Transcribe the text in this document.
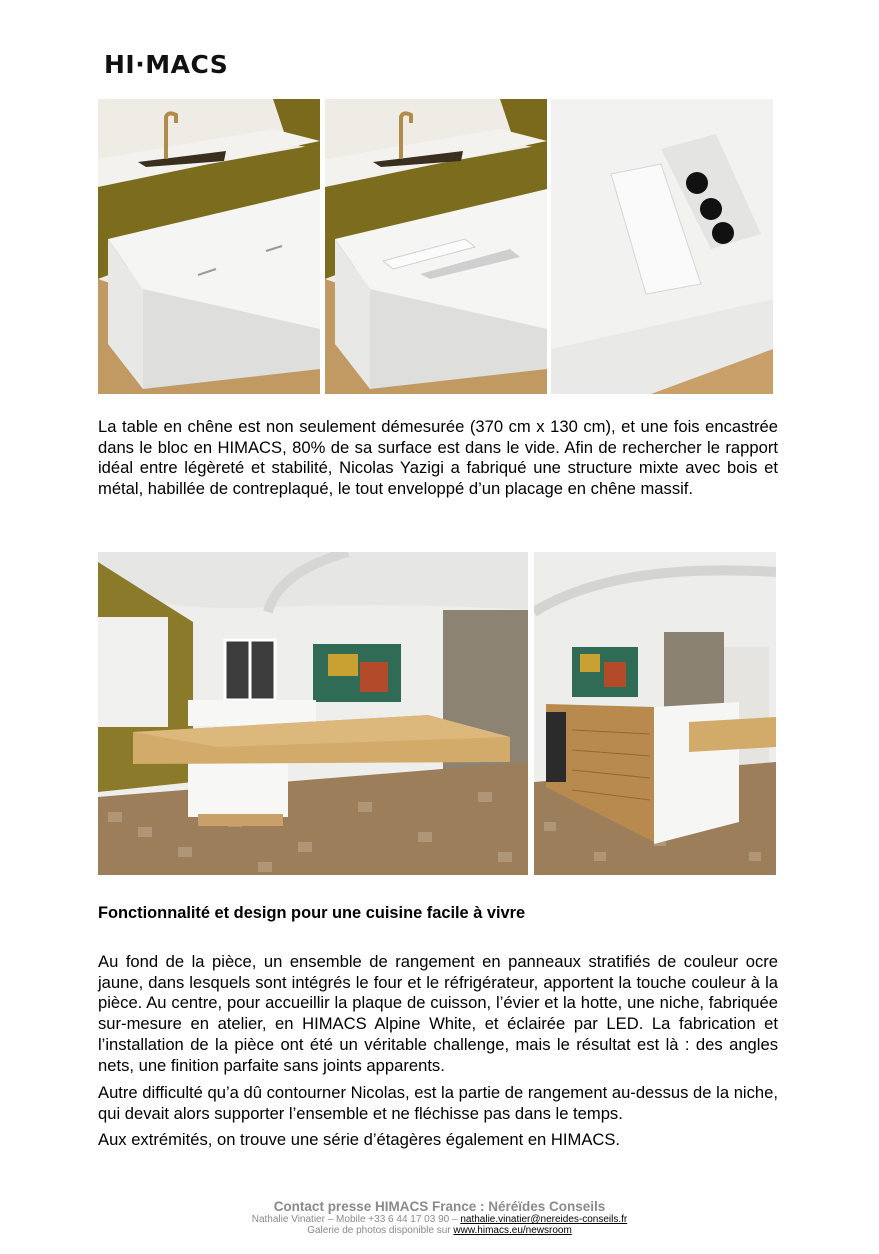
HI·MACS

La table en chêne est non seulement démesurée (370 cm x 130 cm), et une fois encastrée dans le bloc en HIMACS, 80% de sa surface est dans le vide. Afin de rechercher le rapport idéal entre légèreté et stabilité, Nicolas Yazigi a fabriqué une structure mixte avec bois et métal, habillée de contreplaqué, le tout enveloppé d’un placage en chêne massif.

Fonctionnalité et design pour une cuisine facile à vivre

Au fond de la pièce, un ensemble de rangement en panneaux stratifiés de couleur ocre jaune, dans lesquels sont intégrés le four et le réfrigérateur, apportent la touche couleur à la pièce. Au centre, pour accueillir la plaque de cuisson, l’évier et la hotte, une niche, fabriquée sur-mesure en atelier, en HIMACS Alpine White, et éclairée par LED. La fabrication et l’installation de la pièce ont été un véritable challenge, mais le résultat est là : des angles nets, une finition parfaite sans joints apparents.

Autre difficulté qu’a dû contourner Nicolas, est la partie de rangement au-dessus de la niche, qui devait alors supporter l’ensemble et ne fléchisse pas dans le temps.

Aux extrémités, on trouve une série d’étagères également en HIMACS.

Contact presse HIMACS France : Néréïdes Conseils
Nathalie Vinatier – Mobile +33 6 44 17 03 90 – nathalie.vinatier@nereides-conseils.fr
Galerie de photos disponible sur www.himacs.eu/newsroom
